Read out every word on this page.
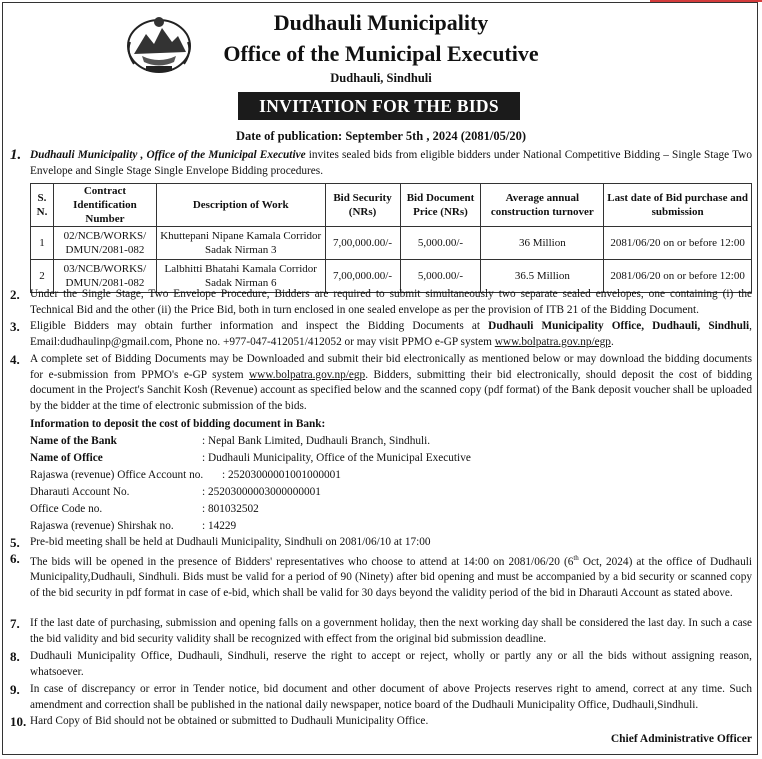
Dudhauli Municipality
Office of the Municipal Executive
Dudhauli, Sindhuli
INVITATION FOR THE BIDS
Date of publication: September 5th , 2024 (2081/05/20)
1. Dudhauli Municipality , Office of the Municipal Executive invites sealed bids from eligible bidders under National Competitive Bidding – Single Stage Two Envelope and Single Stage Single Envelope Bidding procedures.
S. N.	Contract Identification Number	Description of Work	Bid Security (NRs)	Bid Document Price (NRs)	Average annual construction turnover	Last date of Bid purchase and submission
1	02/NCB/WORKS/ DMUN/2081-082	Khuttepani Nipane Kamala Corridor Sadak Nirman 3	7,00,000.00/-	5,000.00/-	36 Million	2081/06/20 on or before 12:00
2	03/NCB/WORKS/ DMUN/2081-082	Lalbhitti Bhatahi Kamala Corridor Sadak Nirman 6	7,00,000.00/-	5,000.00/-	36.5 Million	2081/06/20 on or before 12:00
2. Under the Single Stage, Two Envelope Procedure, Bidders are required to submit simultaneously two separate sealed envelopes, one containing (i) the Technical Bid and the other (ii) the Price Bid, both in turn enclosed in one sealed envelope as per the provision of ITB 21 of the Bidding Document.
3. Eligible Bidders may obtain further information and inspect the Bidding Documents at Dudhauli Municipality Office, Dudhauli, Sindhuli, Email:dudhaulinp@gmail.com, Phone no. +977-047-412051/412052 or may visit PPMO e-GP system www.bolpatra.gov.np/egp.
4. A complete set of Bidding Documents may be Downloaded and submit their bid electronically as mentioned below or may download the bidding documents for e-submission from PPMO's e-GP system www.bolpatra.gov.np/egp. Bidders, submitting their bid electronically, should deposit the cost of bidding document in the Project's Sanchit Kosh (Revenue) account as specified below and the scanned copy (pdf format) of the Bank deposit voucher shall be uploaded by the bidder at the time of electronic submission of the bids.
Information to deposit the cost of bidding document in Bank:
Name of the Bank	: Nepal Bank Limited, Dudhauli Branch, Sindhuli.
Name of Office	: Dudhauli Municipality, Office of the Municipal Executive
Rajaswa (revenue) Office Account no. : 25203000001001000001
Dharauti Account No.	: 25203000003000000001
Office Code no.	: 801032502
Rajaswa (revenue) Shirshak no.	: 14229
5. Pre-bid meeting shall be held at Dudhauli Municipality, Sindhuli on 2081/06/10 at 17:00
6. The bids will be opened in the presence of Bidders' representatives who choose to attend at 14:00 on 2081/06/20 (6th Oct, 2024) at the office of Dudhauli Municipality,Dudhauli, Sindhuli. Bids must be valid for a period of 90 (Ninety) after bid opening and must be accompanied by a bid security or scanned copy of the bid security in pdf format in case of e-bid, which shall be valid for 30 days beyond the validity period of the bid in Dharauti Account as stated above.
7. If the last date of purchasing, submission and opening falls on a government holiday, then the next working day shall be considered the last day. In such a case the bid validity and bid security validity shall be recognized with effect from the original bid submission deadline.
8. Dudhauli Municipality Office, Dudhauli, Sindhuli, reserve the right to accept or reject, wholly or partly any or all the bids without assigning reason, whatsoever.
9. In case of discrepancy or error in Tender notice, bid document and other document of above Projects reserves right to amend, correct at any time. Such amendment and correction shall be published in the national daily newspaper, notice board of the Dudhauli Municipality Office, Dudhauli,Sindhuli.
10. Hard Copy of Bid should not be obtained or submitted to Dudhauli Municipality Office.
Chief Administrative Officer
